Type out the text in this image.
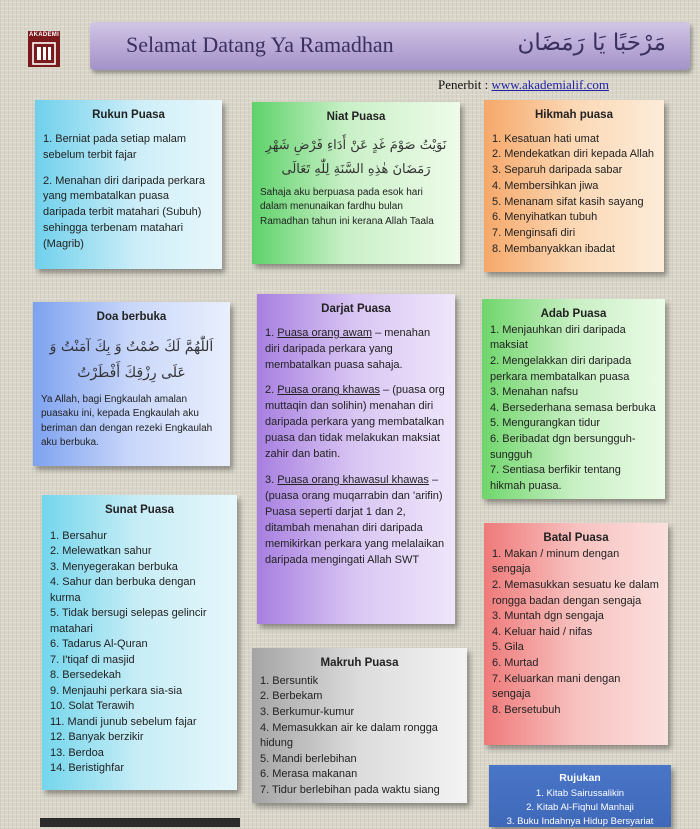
AKADEMI	Selamat Datang Ya Ramadhan	مَرْحَبًا يَا رَمَضَان
Penerbit : www.akademialif.com
Rukun Puasa

1. Berniat pada setiap malam sebelum terbit fajar

2. Menahan diri daripada perkara yang membatalkan puasa daripada terbit matahari (Subuh) sehingga terbenam matahari (Magrib)

Niat Puasa
نَوَيْتُ صَوْمَ غَدٍ عَنْ أَدَاءِ فَرْضِ شَهْرِ رَمَضَانَ هٰذِهِ السَّنَةِ لِلّٰهِ تَعَالَى
Sahaja aku berpuasa pada esok hari dalam menunaikan fardhu bulan Ramadhan tahun ini kerana Allah Taala
Hikmah puasa
1. Kesatuan hati umat
2. Mendekatkan diri kepada Allah
3. Separuh daripada sabar
4. Membersihkan jiwa
5. Menanam sifat kasih sayang
6. Menyihatkan tubuh
7. Menginsafi diri
8. Membanyakkan ibadat
Doa berbuka
اَللّٰهُمَّ لَكَ صُمْتُ وَ بِكَ آمَنْتُ وَ عَلَى رِزْقِكَ أَفْطَرْتُ
Ya Allah, bagi Engkaulah amalan puasaku ini, kepada Engkaulah aku beriman dan dengan rezeki Engkaulah aku berbuka.
Darjat Puasa

1. Puasa orang awam – menahan diri daripada perkara yang membatalkan puasa sahaja.

2. Puasa orang khawas – (puasa org muttaqin dan solihin) menahan diri daripada perkara yang membatalkan puasa dan tidak melakukan maksiat zahir dan batin.

3. Puasa orang khawasul khawas – (puasa orang muqarrabin dan 'arifin) Puasa seperti darjat 1 dan 2, ditambah menahan diri daripada memikirkan perkara yang melalaikan daripada mengingati Allah SWT

Adab Puasa
1. Menjauhkan diri daripada maksiat
2. Mengelakkan diri daripada perkara membatalkan puasa
3. Menahan nafsu
4. Bersederhana semasa berbuka
5. Mengurangkan tidur
6. Beribadat dgn bersungguh-sungguh
7. Sentiasa berfikir tentang hikmah puasa.
Sunat Puasa
1. Bersahur
2. Melewatkan sahur
3. Menyegerakan berbuka
4. Sahur dan berbuka dengan kurma
5. Tidak bersugi selepas gelincir matahari
6. Tadarus Al-Quran
7. I'tiqaf di masjid
8. Bersedekah
9. Menjauhi perkara sia-sia
10. Solat Terawih
11. Mandi junub sebelum fajar
12. Banyak berzikir
13. Berdoa
14. Beristighfar
Batal Puasa
1. Makan / minum dengan sengaja
2. Memasukkan sesuatu ke dalam rongga badan dengan sengaja
3. Muntah dgn sengaja
4. Keluar haid / nifas
5. Gila
6. Murtad
7. Keluarkan mani dengan sengaja
8. Bersetubuh
Makruh Puasa
1. Bersuntik
2. Berbekam
3. Berkumur-kumur
4. Memasukkan air ke dalam rongga hidung
5. Mandi berlebihan
6. Merasa makanan
7. Tidur berlebihan pada waktu siang
Rujukan
1. Kitab Sairussalikin
2. Kitab Al-Fiqhul Manhaji
3. Buku Indahnya Hidup Bersyariat
